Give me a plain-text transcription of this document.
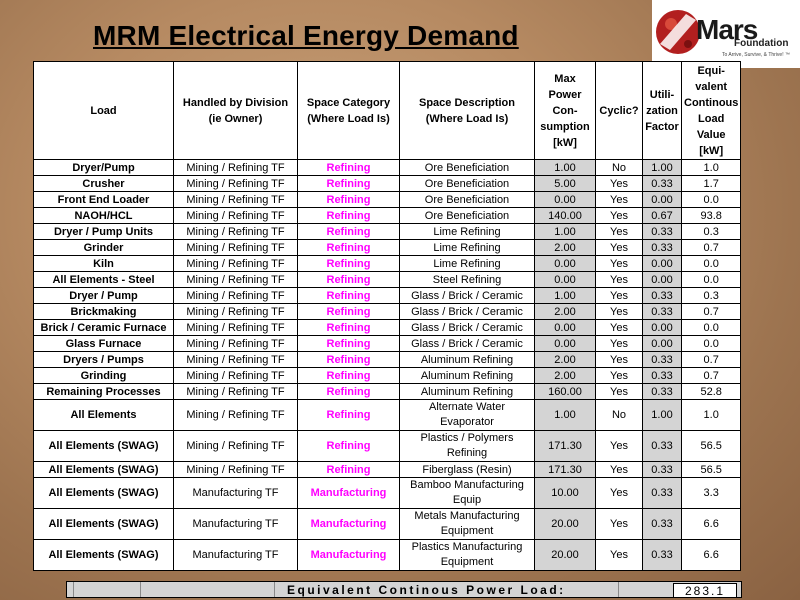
MRM Electrical Energy Demand	Mars
Foundation
To Arrive, Survive, & Thrive! ™
Load	Handled by Division (ie Owner)	Space Category (Where Load Is)	Space Description (Where Load Is)	Max Power Con-sumption [kW]	Cyclic?	Utili-zation Factor	Equi-valent Continous Load Value [kW]
Dryer/Pump	Mining / Refining TF	Refining	Ore Beneficiation	1.00	No	1.00	1.0
Crusher	Mining / Refining TF	Refining	Ore Beneficiation	5.00	Yes	0.33	1.7
Front End Loader	Mining / Refining TF	Refining	Ore Beneficiation	0.00	Yes	0.00	0.0
NAOH/HCL	Mining / Refining TF	Refining	Ore Beneficiation	140.00	Yes	0.67	93.8
Dryer / Pump Units	Mining / Refining TF	Refining	Lime Refining	1.00	Yes	0.33	0.3
Grinder	Mining / Refining TF	Refining	Lime Refining	2.00	Yes	0.33	0.7
Kiln	Mining / Refining TF	Refining	Lime Refining	0.00	Yes	0.00	0.0
All Elements - Steel	Mining / Refining TF	Refining	Steel Refining	0.00	Yes	0.00	0.0
Dryer / Pump	Mining / Refining TF	Refining	Glass / Brick / Ceramic	1.00	Yes	0.33	0.3
Brickmaking	Mining / Refining TF	Refining	Glass / Brick / Ceramic	2.00	Yes	0.33	0.7
Brick / Ceramic Furnace	Mining / Refining TF	Refining	Glass / Brick / Ceramic	0.00	Yes	0.00	0.0
Glass Furnace	Mining / Refining TF	Refining	Glass / Brick / Ceramic	0.00	Yes	0.00	0.0
Dryers / Pumps	Mining / Refining TF	Refining	Aluminum Refining	2.00	Yes	0.33	0.7
Grinding	Mining / Refining TF	Refining	Aluminum Refining	2.00	Yes	0.33	0.7
Remaining Processes	Mining / Refining TF	Refining	Aluminum Refining	160.00	Yes	0.33	52.8
All Elements	Mining / Refining TF	Refining	Alternate Water Evaporator	1.00	No	1.00	1.0
All Elements (SWAG)	Mining / Refining TF	Refining	Plastics / Polymers Refining	171.30	Yes	0.33	56.5
All Elements (SWAG)	Mining / Refining TF	Refining	Fiberglass (Resin)	171.30	Yes	0.33	56.5
All Elements (SWAG)	Manufacturing TF	Manufacturing	Bamboo Manufacturing Equip	10.00	Yes	0.33	3.3
All Elements (SWAG)	Manufacturing TF	Manufacturing	Metals Manufacturing Equipment	20.00	Yes	0.33	6.6
All Elements (SWAG)	Manufacturing TF	Manufacturing	Plastics Manufacturing Equipment	20.00	Yes	0.33	6.6
Equivalent Continous Power Load:	283.1
